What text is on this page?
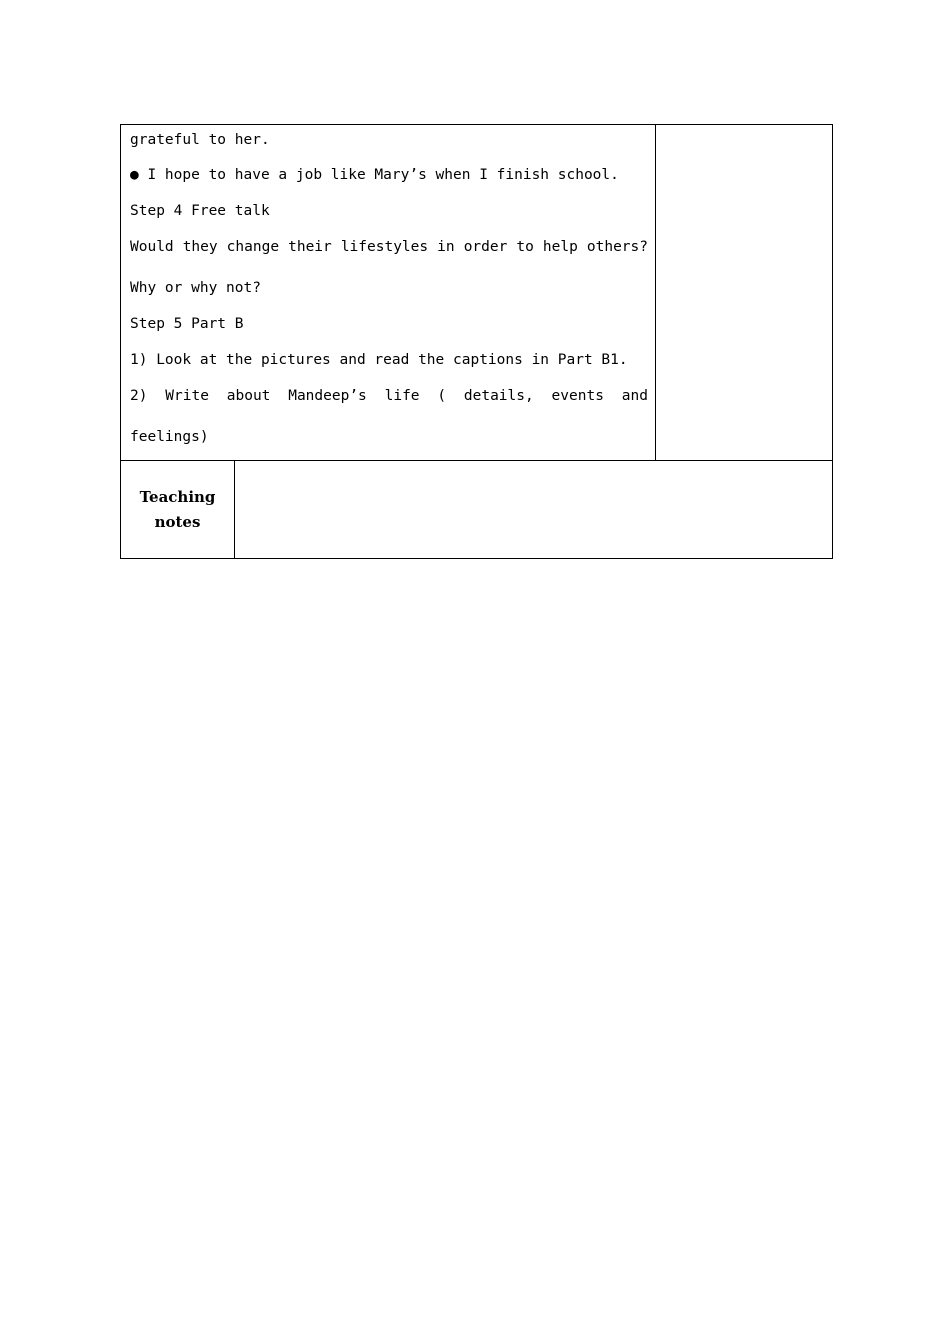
grateful to her.
● I hope to have a job like Mary’s when I finish school.
Step 4 Free talk
Would they change their lifestyles in order to help others?
Why or why not?
Step 5 Part B
1) Look at the pictures and read the captions in Part B1.
2) Write about Mandeep’s life ( details, events and
feelings)
Teaching
notes
